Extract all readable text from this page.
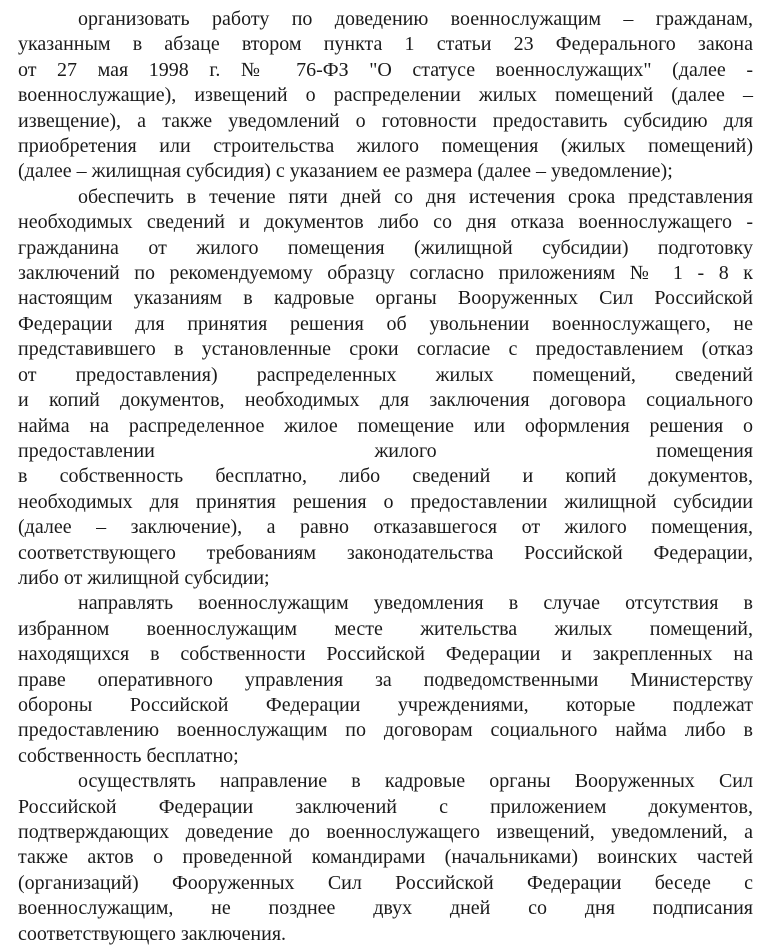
организовать работу по доведению военнослужащим – гражданам,
указанным в абзаце втором пункта 1 статьи 23 Федерального закона
от 27 мая 1998 г. № 76-ФЗ "О статусе военнослужащих" (далее -
военнослужащие), извещений о распределении жилых помещений (далее –
извещение), а также уведомлений о готовности предоставить субсидию для
приобретения или строительства жилого помещения (жилых помещений)
(далее – жилищная субсидия) с указанием ее размера (далее – уведомление);
обеспечить в течение пяти дней со дня истечения срока представления
необходимых сведений и документов либо со дня отказа военнослужащего -
гражданина от жилого помещения (жилищной субсидии) подготовку
заключений по рекомендуемому образцу согласно приложениям № 1 - 8 к
настоящим указаниям в кадровые органы Вооруженных Сил Российской
Федерации для принятия решения об увольнении военнослужащего, не
представившего в установленные сроки согласие с предоставлением (отказ
от предоставления) распределенных жилых помещений, сведений
и копий документов, необходимых для заключения договора социального
найма на распределенное жилое помещение или оформления решения о
предоставлении жилого помещения
в собственность бесплатно, либо сведений и копий документов,
необходимых для принятия решения о предоставлении жилищной субсидии
(далее – заключение), а равно отказавшегося от жилого помещения,
соответствующего требованиям законодательства Российской Федерации,
либо от жилищной субсидии;
направлять военнослужащим уведомления в случае отсутствия в
избранном военнослужащим месте жительства жилых помещений,
находящихся в собственности Российской Федерации и закрепленных на
праве оперативного управления за подведомственными Министерству
обороны Российской Федерации учреждениями, которые подлежат
предоставлению военнослужащим по договорам социального найма либо в
собственность бесплатно;
осуществлять направление в кадровые органы Вооруженных Сил
Российской Федерации заключений с приложением документов,
подтверждающих доведение до военнослужащего извещений, уведомлений, а
также актов о проведенной командирами (начальниками) воинских частей
(организаций) Фооруженных Сил Российской Федерации беседе с
военнослужащим, не позднее двух дней со дня подписания
соответствующего заключения.
